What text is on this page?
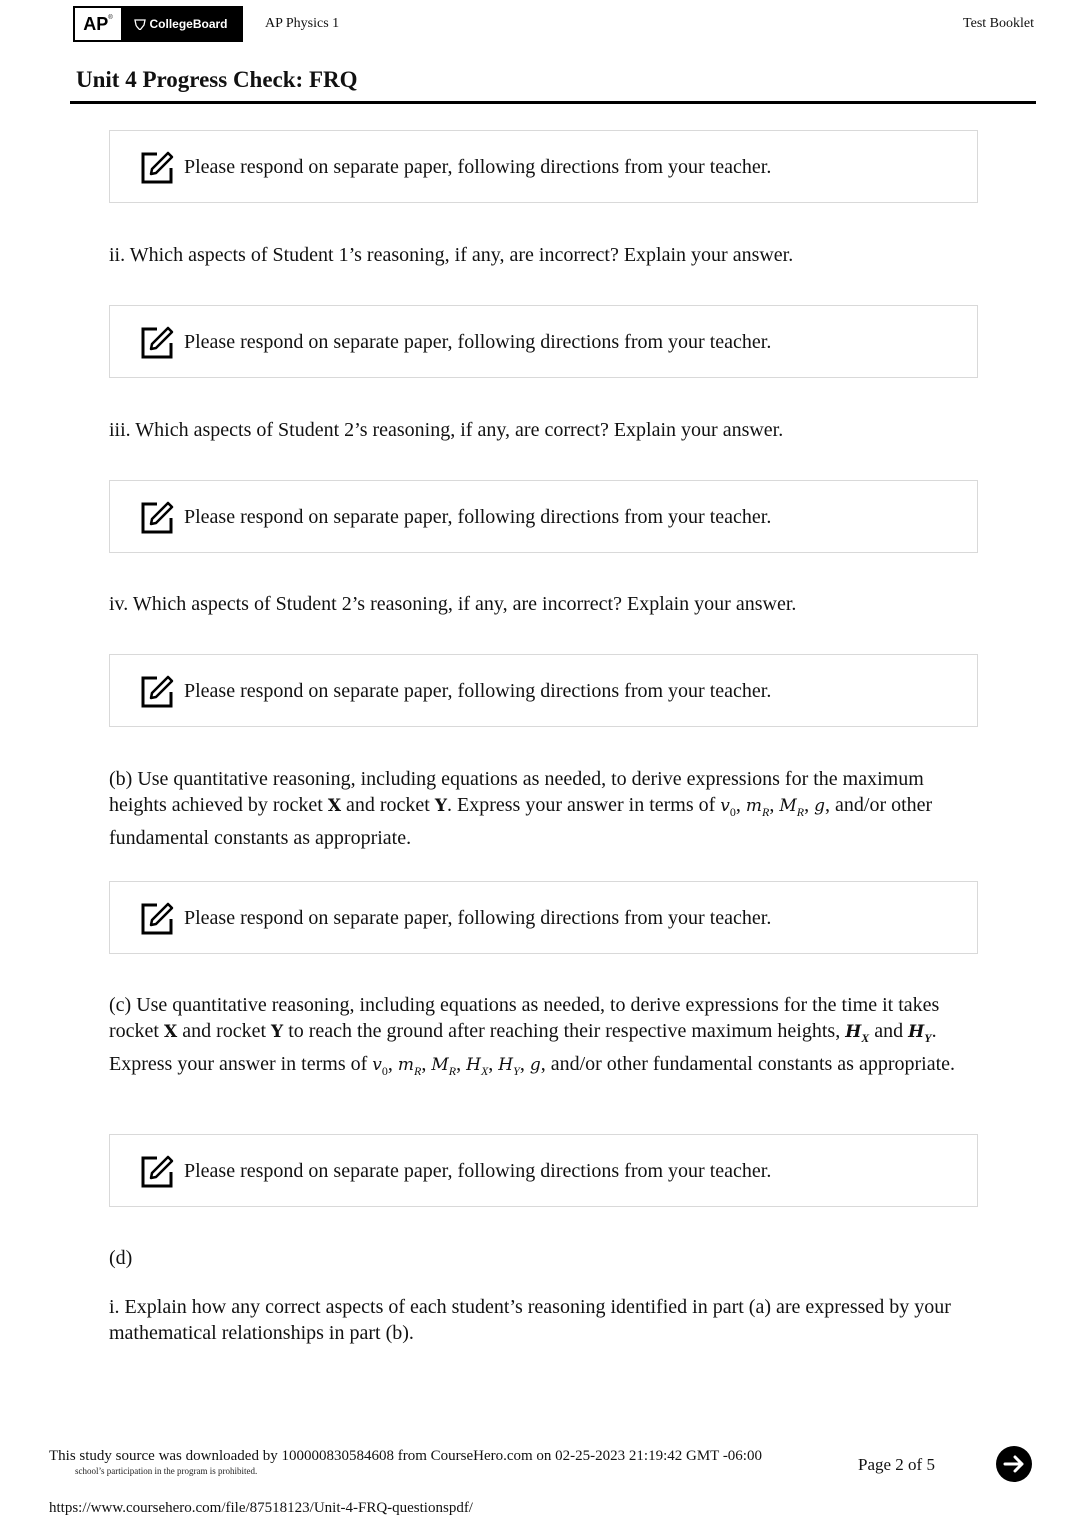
AP®	CollegeBoard	AP Physics 1	Test Booklet
Unit 4 Progress Check: FRQ
Please respond on separate paper, following directions from your teacher.
ii. Which aspects of Student 1’s reasoning, if any, are incorrect? Explain your answer.
Please respond on separate paper, following directions from your teacher.
iii. Which aspects of Student 2’s reasoning, if any, are correct? Explain your answer.
Please respond on separate paper, following directions from your teacher.
iv. Which aspects of Student 2’s reasoning, if any, are incorrect? Explain your answer.
Please respond on separate paper, following directions from your teacher.
(b) Use quantitative reasoning, including equations as needed, to derive expressions for the maximum heights achieved by rocket X and rocket Y. Express your answer in terms of $v_0$, $m_R$, $M_R$, g, and/or other fundamental constants as appropriate.
Please respond on separate paper, following directions from your teacher.
(c) Use quantitative reasoning, including equations as needed, to derive expressions for the time it takes rocket X and rocket Y to reach the ground after reaching their respective maximum heights, $H_X$ and $H_Y$. Express your answer in terms of $v_0$, $m_R$, $M_R$, $H_X$, $H_Y$, g, and/or other fundamental constants as appropriate.
Please respond on separate paper, following directions from your teacher.
(d)
i. Explain how any correct aspects of each student’s reasoning identified in part (a) are expressed by your mathematical relationships in part (b).
school’s participation in the program is prohibited.
This study source was downloaded by 100000830584608 from CourseHero.com on 02-25-2023 21:19:42 GMT -06:00	Page 2 of 5
https://www.coursehero.com/file/87518123/Unit-4-FRQ-questionspdf/
